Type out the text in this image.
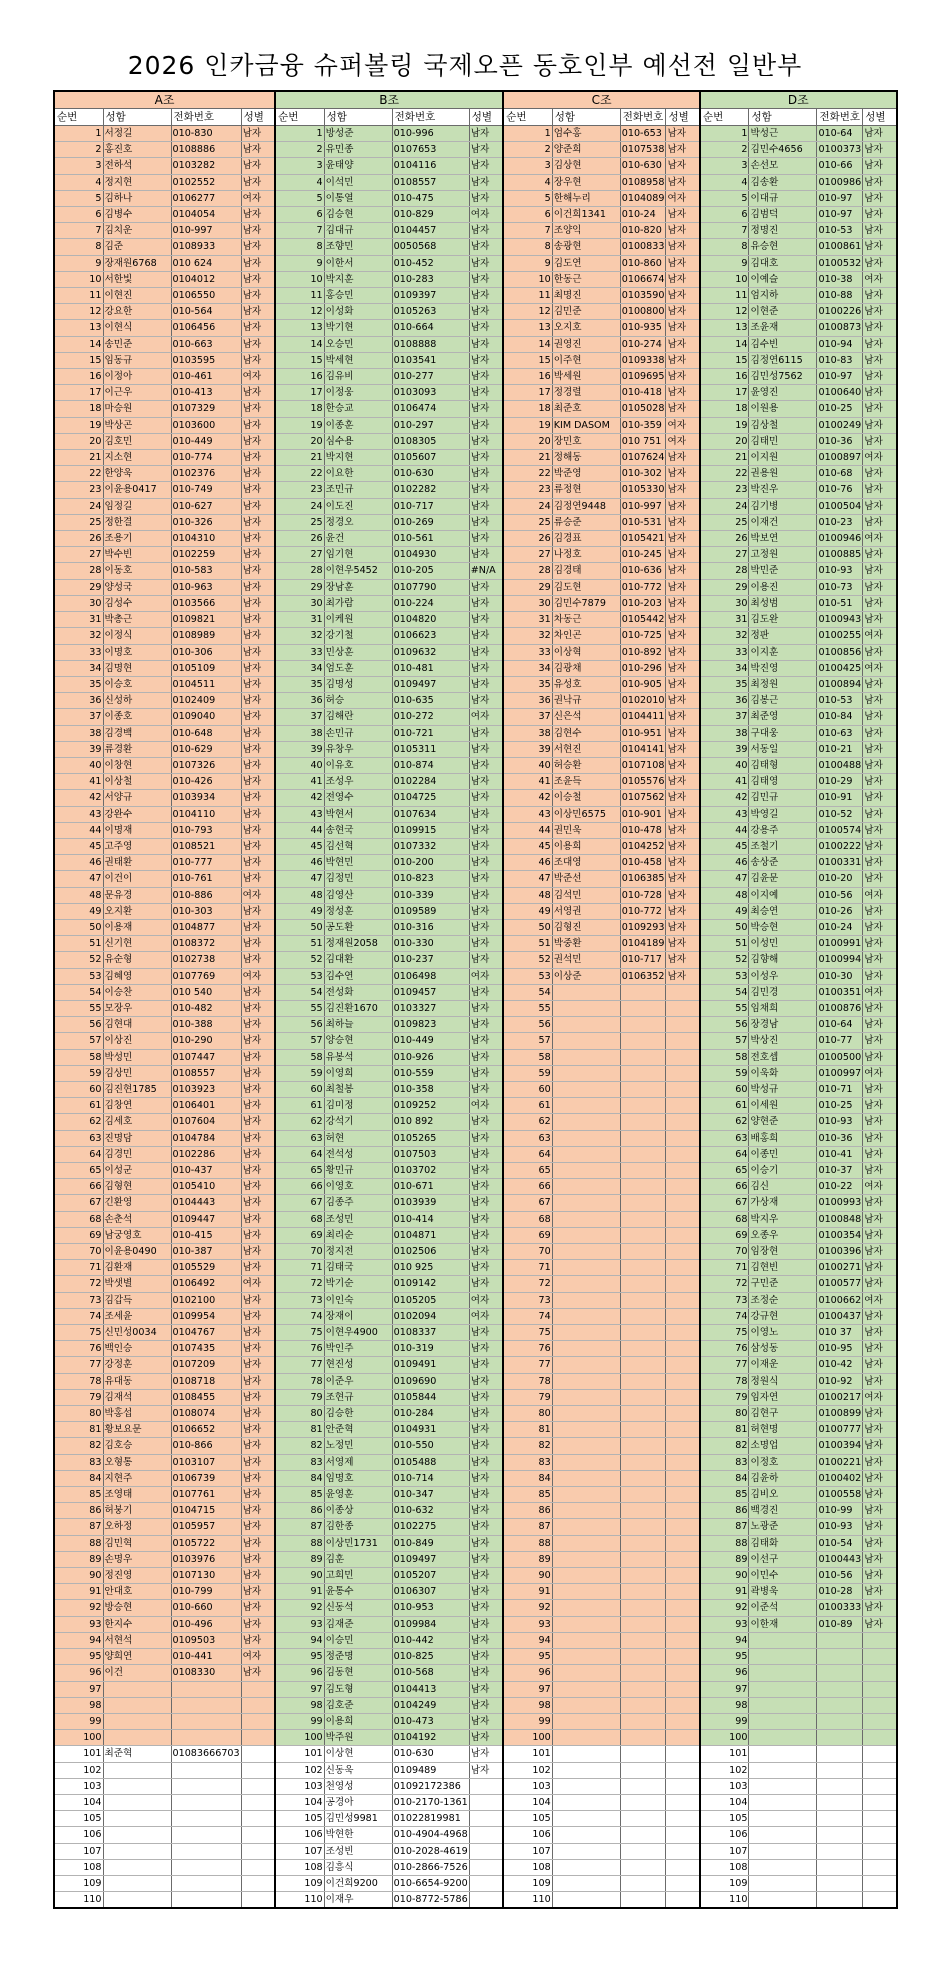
2026 인카금융 슈퍼볼링 국제오픈 동호인부 예선전 일반부
A조				B조				C조				D조			
순번	성함	전화번호	성별	순번	성함	전화번호	성별	순번	성함	전화번호	성별	순번	성함	전화번호	성별
1	서정길	010-830	남자	1	방성준	010-996	남자	1	엄수홍	010-653	남자	1	박성근	010-64	남자
2	홍진호	0108886	남자	2	유민종	0107653	남자	2	양준희	0107538	남자	2	김민수4656	0100373	남자
3	전하석	0103282	남자	3	윤태양	0104116	남자	3	김상현	010-630	남자	3	손선모	010-66	남자
4	정지현	0102552	남자	4	이석민	0108557	남자	4	장우현	0108958	남자	4	김송환	0100986	남자
5	김하나	0106277	여자	5	이통열	010-475	남자	5	한해누리	0104089	여자	5	이대규	010-97	남자
6	김병수	0104054	남자	6	김승현	010-829	여자	6	이건희1341	010-24	남자	6	김범덕	010-97	남자
7	김치운	010-997	남자	7	김대규	0104457	남자	7	조양익	010-820	남자	7	정명진	010-53	남자
8	김준	0108933	남자	8	조향민	0050568	남자	8	송광현	0100833	남자	8	유승현	0100861	남자
9	장재원6768	010 624	남자	9	이한서	010-452	남자	9	김도연	010-860	남자	9	김대호	0100532	남자
10	서한빛	0104012	남자	10	박지훈	010-283	남자	10	한동근	0106674	남자	10	이예슬	010-38	여자
11	이현진	0106550	남자	11	홍승민	0109397	남자	11	최명진	0103590	남자	11	엄지하	010-88	남자
12	강요한	010-564	남자	12	이성화	0105263	남자	12	김민준	0100800	남자	12	이현준	0100226	남자
13	이현식	0106456	남자	13	박기현	010-664	남자	13	오지호	010-935	남자	13	조윤재	0100873	남자
14	송민준	010-663	남자	14	오승민	0108888	남자	14	권영진	010-274	남자	14	김수빈	010-94	남자
15	임동규	0103595	남자	15	박세현	0103541	남자	15	이주현	0109338	남자	15	김정연6115	010-83	남자
16	이정아	010-461	여자	16	김유비	010-277	남자	16	박세원	0109695	남자	16	김민성7562	010-97	남자
17	이근우	010-413	남자	17	이정웅	0103093	남자	17	정경렬	010-418	남자	17	윤영진	0100640	남자
18	마승원	0107329	남자	18	한승교	0106474	남자	18	최준호	0105028	남자	18	이원용	010-25	남자
19	박상곤	0103600	남자	19	이종훈	010-297	남자	19	KIM DASOM	010-359	여자	19	김상철	0100249	남자
20	김호민	010-449	남자	20	심수용	0108305	남자	20	장민호	010 751	여자	20	김태민	010-36	남자
21	지소현	010-774	남자	21	박지현	0105607	남자	21	정해동	0107624	남자	21	이지원	0100897	여자
22	한양욱	0102376	남자	22	이요한	010-630	남자	22	박준영	010-302	남자	22	권용원	010-68	남자
23	이윤용0417	010-749	남자	23	조민규	0102282	남자	23	류정현	0105330	남자	23	박진우	010-76	남자
24	임정길	010-627	남자	24	이도진	010-717	남자	24	김정연9448	010-997	남자	24	김기병	0100504	남자
25	정한결	010-326	남자	25	정경오	010-269	남자	25	류승준	010-531	남자	25	이재건	010-23	남자
26	조용기	0104310	남자	26	윤건	010-561	남자	26	김경표	0105421	남자	26	박보연	0100946	여자
27	박수빈	0102259	남자	27	임기현	0104930	남자	27	나정호	010-245	남자	27	고정원	0100885	남자
28	이동호	010-583	남자	28	이현우5452	010-205	#N/A	28	김경태	010-636	남자	28	박민준	010-93	남자
29	양성국	010-963	남자	29	장남훈	0107790	남자	29	김도현	010-772	남자	29	이용진	010-73	남자
30	김성수	0103566	남자	30	최가람	010-224	남자	30	김민수7879	010-203	남자	30	최성범	010-51	남자
31	박총근	0109821	남자	31	이케원	0104820	남자	31	차동근	0105442	남자	31	김도완	0100943	남자
32	이정식	0108989	남자	32	강기철	0106623	남자	32	차인곤	010-725	남자	32	정판	0100255	여자
33	이명호	010-306	남자	33	민상훈	0109632	남자	33	이상혁	010-892	남자	33	이지훈	0100856	남자
34	김명현	0105109	남자	34	엄도훈	010-481	남자	34	김광채	010-296	남자	34	박진영	0100425	여자
35	이승호	0104511	남자	35	김명성	0109497	남자	35	유성호	010-905	남자	35	최정원	0100894	남자
36	신성하	0102409	남자	36	허승	010-635	남자	36	권낙규	0102010	남자	36	김봉근	010-53	남자
37	이종호	0109040	남자	37	김해란	010-272	여자	37	신은석	0104411	남자	37	최준영	010-84	남자
38	김경백	010-648	남자	38	손민규	010-721	남자	38	김현수	010-951	남자	38	구대웅	010-63	남자
39	류경환	010-629	남자	39	유창우	0105311	남자	39	서현진	0104141	남자	39	서동일	010-21	남자
40	이창현	0107326	남자	40	이유호	010-874	남자	40	허승환	0107108	남자	40	김태형	0100488	남자
41	이상철	010-426	남자	41	조성우	0102284	남자	41	조윤득	0105576	남자	41	김태영	010-29	남자
42	서양규	0103934	남자	42	전영수	0104725	남자	42	이승철	0107562	남자	42	김민규	010-91	남자
43	강완수	0104110	남자	43	박현서	0107634	남자	43	이상민6575	010-901	남자	43	박영길	010-52	남자
44	이명재	010-793	남자	44	송현국	0109915	남자	44	권민욱	010-478	남자	44	강용주	0100574	남자
45	고주영	0108521	남자	45	김선혁	0107332	남자	45	이용희	0104252	남자	45	조철기	0100222	남자
46	권태환	010-777	남자	46	박현민	010-200	남자	46	조대영	010-458	남자	46	송상준	0100331	남자
47	이건이	010-761	남자	47	김정민	010-823	남자	47	박준선	0106385	남자	47	김윤문	010-20	남자
48	문유경	010-886	여자	48	김영산	010-339	남자	48	김석민	010-728	남자	48	이지예	010-56	여자
49	오지환	010-303	남자	49	정성훈	0109589	남자	49	서영권	010-772	남자	49	최승연	010-26	남자
50	이용재	0104877	남자	50	공도환	010-316	남자	50	김형진	0109293	남자	50	박승현	010-24	남자
51	신기현	0108372	남자	51	정재원2058	010-330	남자	51	박중환	0104189	남자	51	이성민	0100991	남자
52	유순형	0102738	남자	52	김대환	010-237	남자	52	권석민	010-717	남자	52	김향해	0100994	남자
53	김혜영	0107769	여자	53	김수연	0106498	여자	53	이상준	0106352	남자	53	이성우	010-30	남자
54	이승찬	010 540	남자	54	전성화	0109457	남자	54				54	김민경	0100351	여자
55	모장우	010-482	남자	55	김진환1670	0103327	남자	55				55	임채희	0100876	남자
56	김현대	010-388	남자	56	최하늘	0109823	남자	56				56	장경남	010-64	남자
57	이상진	010-290	남자	57	양승현	010-449	남자	57				57	박상진	010-77	남자
58	박성민	0107447	남자	58	유봉석	010-926	남자	58				58	전호셉	0100500	남자
59	김상민	0108557	남자	59	이영희	010-559	남자	59				59	이욱화	0100997	여자
60	김진현1785	0103923	남자	60	최철봉	010-358	남자	60				60	박성규	010-71	남자
61	김창연	0106401	남자	61	김미정	0109252	여자	61				61	이세원	010-25	남자
62	김세호	0107604	남자	62	강석기	010 892	남자	62				62	양현준	010-93	남자
63	진명담	0104784	남자	63	허현	0105265	남자	63				63	배홍희	010-36	남자
64	김경민	0102286	남자	64	전석성	0107503	남자	64				64	이종민	010-41	남자
65	이성군	010-437	남자	65	황민규	0103702	남자	65				65	이승기	010-37	남자
66	김형현	0105410	남자	66	이영호	010-671	남자	66				66	김신	010-22	여자
67	긴환영	0104443	남자	67	김종주	0103939	남자	67				67	가상재	0100993	남자
68	손춘석	0109447	남자	68	조성민	010-414	남자	68				68	박지우	0100848	남자
69	남궁영호	010-415	남자	69	최리순	0104871	남자	69				69	오종우	0100354	남자
70	이윤용0490	010-387	남자	70	정지전	0102506	남자	70				70	임장현	0100396	남자
71	김환재	0105529	남자	71	김태국	010 925	남자	71				71	김현빈	0100271	남자
72	박샛별	0106492	여자	72	박기순	0109142	남자	72				72	구민준	0100577	남자
73	김갑득	0102100	남자	73	이인숙	0105205	여자	73				73	조정순	0100662	여자
74	조세윤	0109954	남자	74	장재이	0102094	여자	74				74	강규현	0100437	남자
75	신민성0034	0104767	남자	75	이현우4900	0108337	남자	75				75	이영노	010 37	남자
76	백인승	0107435	남자	76	박인주	010-319	남자	76				76	삼성동	010-95	남자
77	강정훈	0107209	남자	77	현진성	0109491	남자	77				77	이재운	010-42	남자
78	유대동	0108718	남자	78	이준우	0109690	남자	78				78	정원식	010-92	남자
79	김재석	0108455	남자	79	조현규	0105844	남자	79				79	임자연	0100217	여자
80	박홍섭	0108074	남자	80	김승한	010-284	남자	80				80	김현구	0100899	남자
81	황보요문	0106652	남자	81	안준혁	0104931	남자	81				81	허현명	0100777	남자
82	김호승	010-866	남자	82	노정민	010-550	남자	82				82	소명업	0100394	남자
83	오형통	0103107	남자	83	서영제	0105488	남자	83				83	이정호	0100221	남자
84	지현주	0106739	남자	84	임명호	010-714	남자	84				84	김윤하	0100402	남자
85	조영태	0107761	남자	85	윤영훈	010-347	남자	85				85	김비오	0100558	남자
86	허붕기	0104715	남자	86	이종상	010-632	남자	86				86	백경진	010-99	남자
87	오하정	0105957	남자	87	김한종	0102275	남자	87				87	노광준	010-93	남자
88	김민혁	0105722	남자	88	이상민1731	010-849	남자	88				88	김태화	010-54	남자
89	손명우	0103976	남자	89	김훈	0109497	남자	89				89	이선구	0100443	남자
90	정진영	0107130	남자	90	고희민	0105207	남자	90				90	이민수	010-56	남자
91	안대호	010-799	남자	91	윤통수	0106307	남자	91				91	곽병욱	010-28	남자
92	방승현	010-660	남자	92	신동석	010-953	남자	92				92	이준석	0100333	남자
93	한지수	010-496	남자	93	김재준	0109984	남자	93				93	이한재	010-89	남자
94	서현석	0109503	남자	94	이승민	010-442	남자	94				94			
95	양희연	010-441	여자	95	정준명	010-825	남자	95				95			
96	이건	0108330	남자	96	김동현	010-568	남자	96				96			
97				97	김도형	0104413	남자	97				97			
98				98	김호준	0104249	남자	98				98			
99				99	이용희	010-473	남자	99				99			
100				100	박주원	0104192	남자	100				100			
101	최준혁	01083666703		101	이상현	010-630	남자	101				101			
102				102	신동욱	0109489	남자	102				102			
103				103	천영성	01092172386		103				103			
104				104	공경아	010-2170-1361		104				104			
105				105	김민성9981	01022819981		105				105			
106				106	박현한	010-4904-4968		106				106			
107				107	조성빈	010-2028-4619		107				107			
108				108	김흥식	010-2866-7526		108				108			
109				109	이건희9200	010-6654-9200		109				109			
110				110	이재우	010-8772-5786		110				110			
